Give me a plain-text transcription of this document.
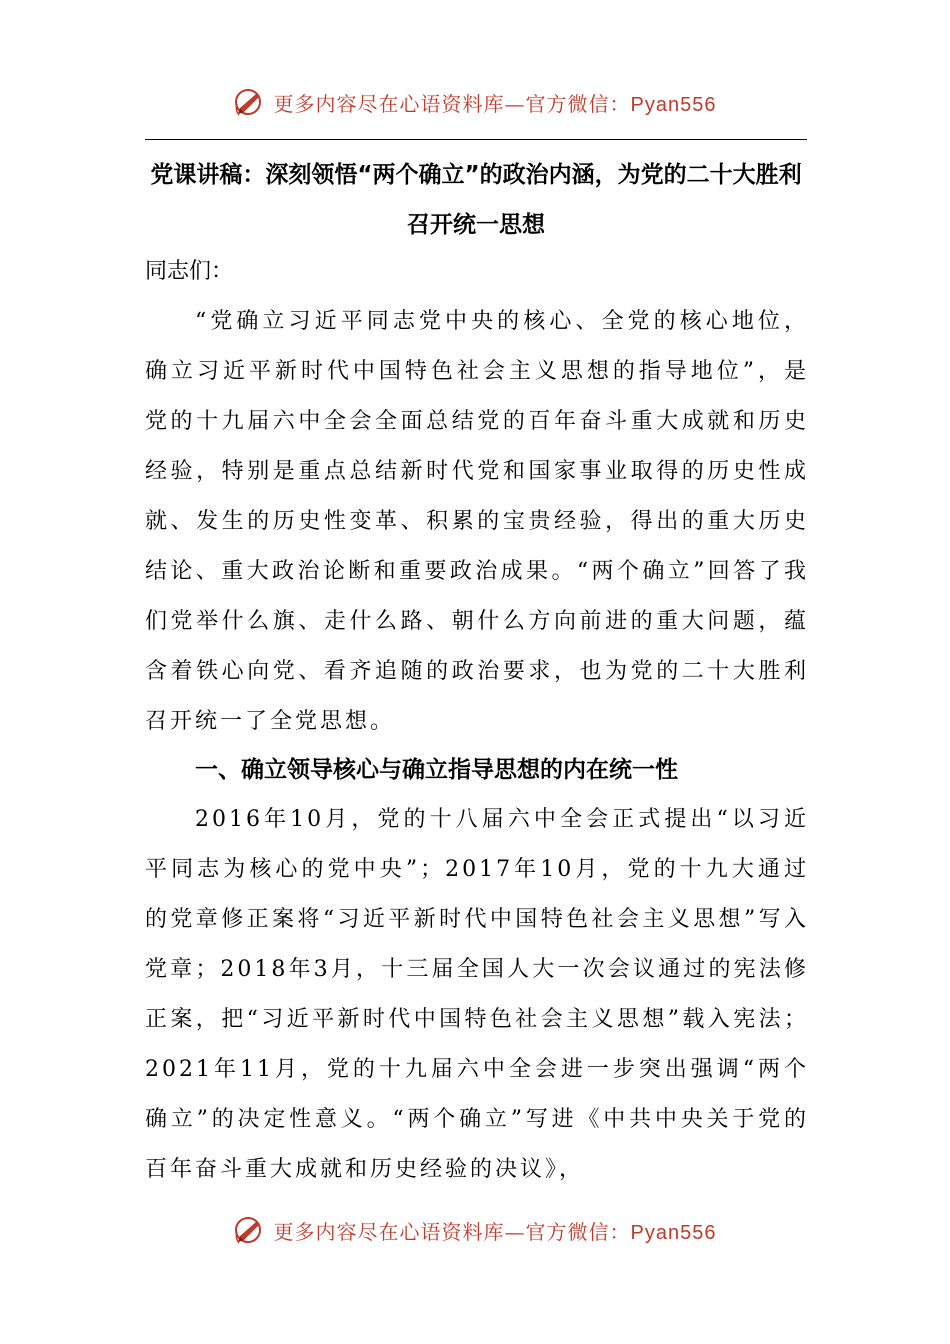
更多内容尽在心语资料库—官方微信：Pyan556
党课讲稿：深刻领悟“两个确立”的政治内涵，为党的二十大胜利召开统一思想
同志们：
“党确立习近平同志党中央的核心、全党的核心地位，确立习近平新时代中国特色社会主义思想的指导地位”，是党的十九届六中全会全面总结党的百年奋斗重大成就和历史经验，特别是重点总结新时代党和国家事业取得的历史性成就、发生的历史性变革、积累的宝贵经验，得出的重大历史结论、重大政治论断和重要政治成果。“两个确立”回答了我们党举什么旗、走什么路、朝什么方向前进的重大问题，蕴含着铁心向党、看齐追随的政治要求，也为党的二十大胜利召开统一了全党思想。
一、确立领导核心与确立指导思想的内在统一性
2016年10月，党的十八届六中全会正式提出“以习近平同志为核心的党中央”；2017年10月，党的十九大通过的党章修正案将“习近平新时代中国特色社会主义思想”写入党章；2018年3月，十三届全国人大一次会议通过的宪法修正案，把“习近平新时代中国特色社会主义思想”载入宪法；2021年11月，党的十九届六中全会进一步突出强调“两个确立”的决定性意义。“两个确立”写进《中共中央关于党的百年奋斗重大成就和历史经验的决议》，
更多内容尽在心语资料库—官方微信：Pyan556
